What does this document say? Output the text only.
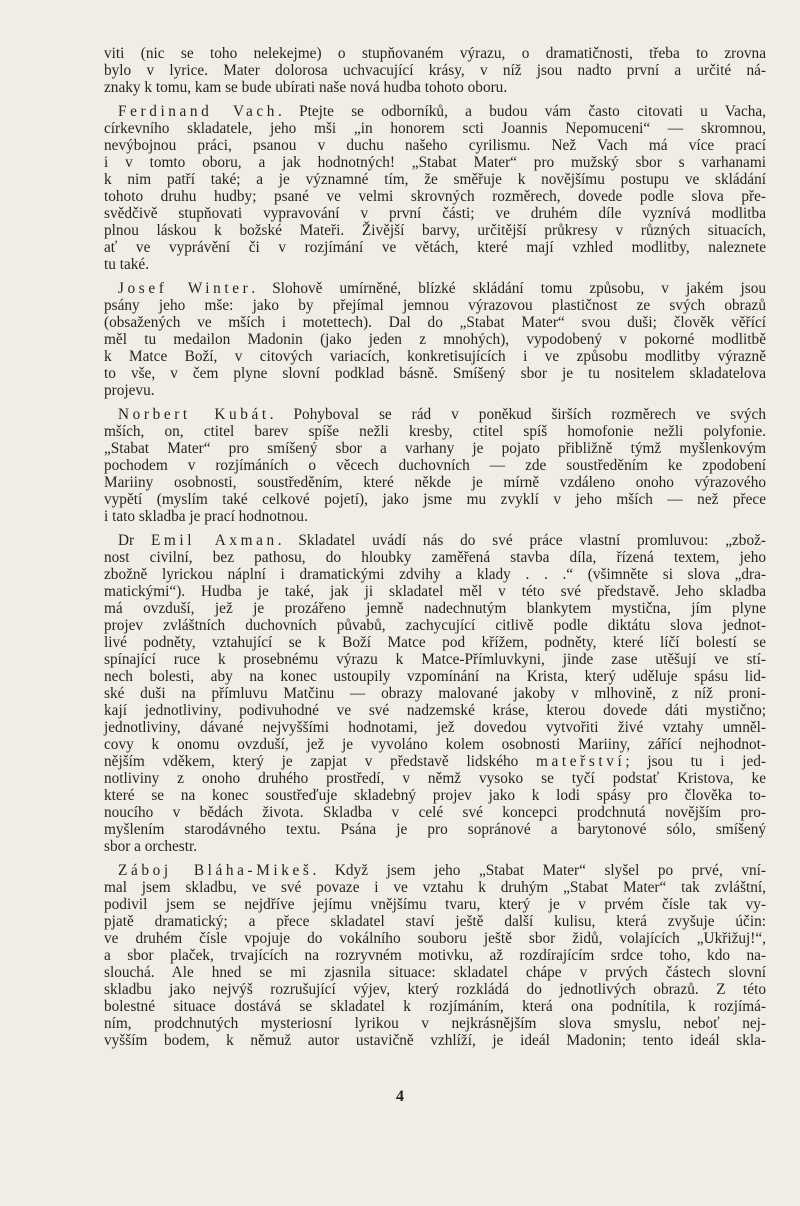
viti (nic se toho nelekejme) o stupňovaném výrazu, o dramatičnosti, třeba to zrovna
bylo v lyrice. Mater dolorosa uchvacující krásy, v níž jsou nadto první a určité ná-
znaky k tomu, kam se bude ubírati naše nová hudba tohoto oboru.
Ferdinand Vach. Ptejte se odborníků, a budou vám často citovati u Vacha,
církevního skladatele, jeho mši „in honorem scti Joannis Nepomuceni“ — skromnou,
nevýbojnou práci, psanou v duchu našeho cyrilismu. Než Vach má více prací
i v tomto oboru, a jak hodnotných! „Stabat Mater“ pro mužský sbor s varhanami
k nim patří také; a je významné tím, že směřuje k novějšímu postupu ve skládání
tohoto druhu hudby; psané ve velmi skrovných rozměrech, dovede podle slova pře-
svědčivě stupňovati vypravování v první části; ve druhém díle vyznívá modlitba
plnou láskou k božské Mateři. Živější barvy, určitější průkresy v různých situacích,
ať ve vyprávění či v rozjímání ve větách, které mají vzhled modlitby, naleznete
tu také.
Josef Winter. Slohově umírněné, blízké skládání tomu způsobu, v jakém jsou
psány jeho mše: jako by přejímal jemnou výrazovou plastičnost ze svých obrazů
(obsažených ve mších i motettech). Dal do „Stabat Mater“ svou duši; člověk věřící
měl tu medailon Madonin (jako jeden z mnohých), vypodobený v pokorné modlitbě
k Matce Boží, v citových variacích, konkretisujících i ve způsobu modlitby výrazně
to vše, v čem plyne slovní podklad básně. Smíšený sbor je tu nositelem skladatelova
projevu.
Norbert Kubát. Pohyboval se rád v poněkud širších rozměrech ve svých
mších, on, ctitel barev spíše nežli kresby, ctitel spíš homofonie nežli polyfonie.
„Stabat Mater“ pro smíšený sbor a varhany je pojato přibližně týmž myšlenkovým
pochodem v rozjímáních o věcech duchovních — zde soustředěním ke zpodobení
Mariiny osobnosti, soustředěním, které někde je mírně vzdáleno onoho výrazového
vypětí (myslím také celkové pojetí), jako jsme mu zvyklí v jeho mších — než přece
i tato skladba je prací hodnotnou.
Dr Emil Axman. Skladatel uvádí nás do své práce vlastní promluvou: „zbož-
nost civilní, bez pathosu, do hloubky zaměřená stavba díla, řízená textem, jeho
zbožně lyrickou náplní i dramatickými zdvihy a klady . . .“ (všimněte si slova „dra-
matickými“). Hudba je také, jak ji skladatel měl v této své představě. Jeho skladba
má ovzduší, jež je prozářeno jemně nadechnutým blankytem mystična, jím plyne
projev zvláštních duchovních půvabů, zachycující citlivě podle diktátu slova jednot-
livé podněty, vztahující se k Boží Matce pod křížem, podněty, které líčí bolestí se
spínající ruce k prosebnému výrazu k Matce-Přímluvkyni, jinde zase utěšují ve stí-
nech bolesti, aby na konec ustoupily vzpomínání na Krista, který uděluje spásu lid-
ské duši na přímluvu Matčinu — obrazy malované jakoby v mlhovině, z níž proni-
kají jednotliviny, podivuhodné ve své nadzemské kráse, kterou dovede dáti mystično;
jednotliviny, dávané nejvyššími hodnotami, jež dovedou vytvořiti živé vztahy umněl-
covy k onomu ovzduší, jež je vyvoláno kolem osobnosti Mariiny, zářící nejhodnot-
nějším vděkem, který je zapjat v představě lidského mateřství; jsou tu i jed-
notliviny z onoho druhého prostředí, v němž vysoko se tyčí podstať Kristova, ke
které se na konec soustřeďuje skladebný projev jako k lodi spásy pro člověka to-
noucího v bědách života. Skladba v celé své koncepci prodchnutá novějším pro-
myšlením starodávného textu. Psána je pro sopránové a barytonové sólo, smíšený
sbor a orchestr.
Záboj Bláha-Mikeš. Když jsem jeho „Stabat Mater“ slyšel po prvé, vní-
mal jsem skladbu, ve své povaze i ve vztahu k druhým „Stabat Mater“ tak zvláštní,
podivil jsem se nejdříve jejímu vnějšímu tvaru, který je v prvém čísle tak vy-
pjatě dramatický; a přece skladatel staví ještě další kulisu, která zvyšuje účin:
ve druhém čísle vpojuje do vokálního souboru ještě sbor židů, volajících „Ukřižuj!“,
a sbor plaček, trvajících na rozryvném motivku, až rozdírajícím srdce toho, kdo na-
slouchá. Ale hned se mi zjasnila situace: skladatel chápe v prvých částech slovní
skladbu jako nejvýš rozrušující výjev, který rozkládá do jednotlivých obrazů. Z této
bolestné situace dostává se skladatel k rozjímáním, která ona podnítila, k rozjímá-
ním, prodchnutých mysteriosní lyrikou v nejkrásnějším slova smyslu, neboť nej-
vyšším bodem, k němuž autor ustavičně vzhlíží, je ideál Madonin; tento ideál skla-
4
